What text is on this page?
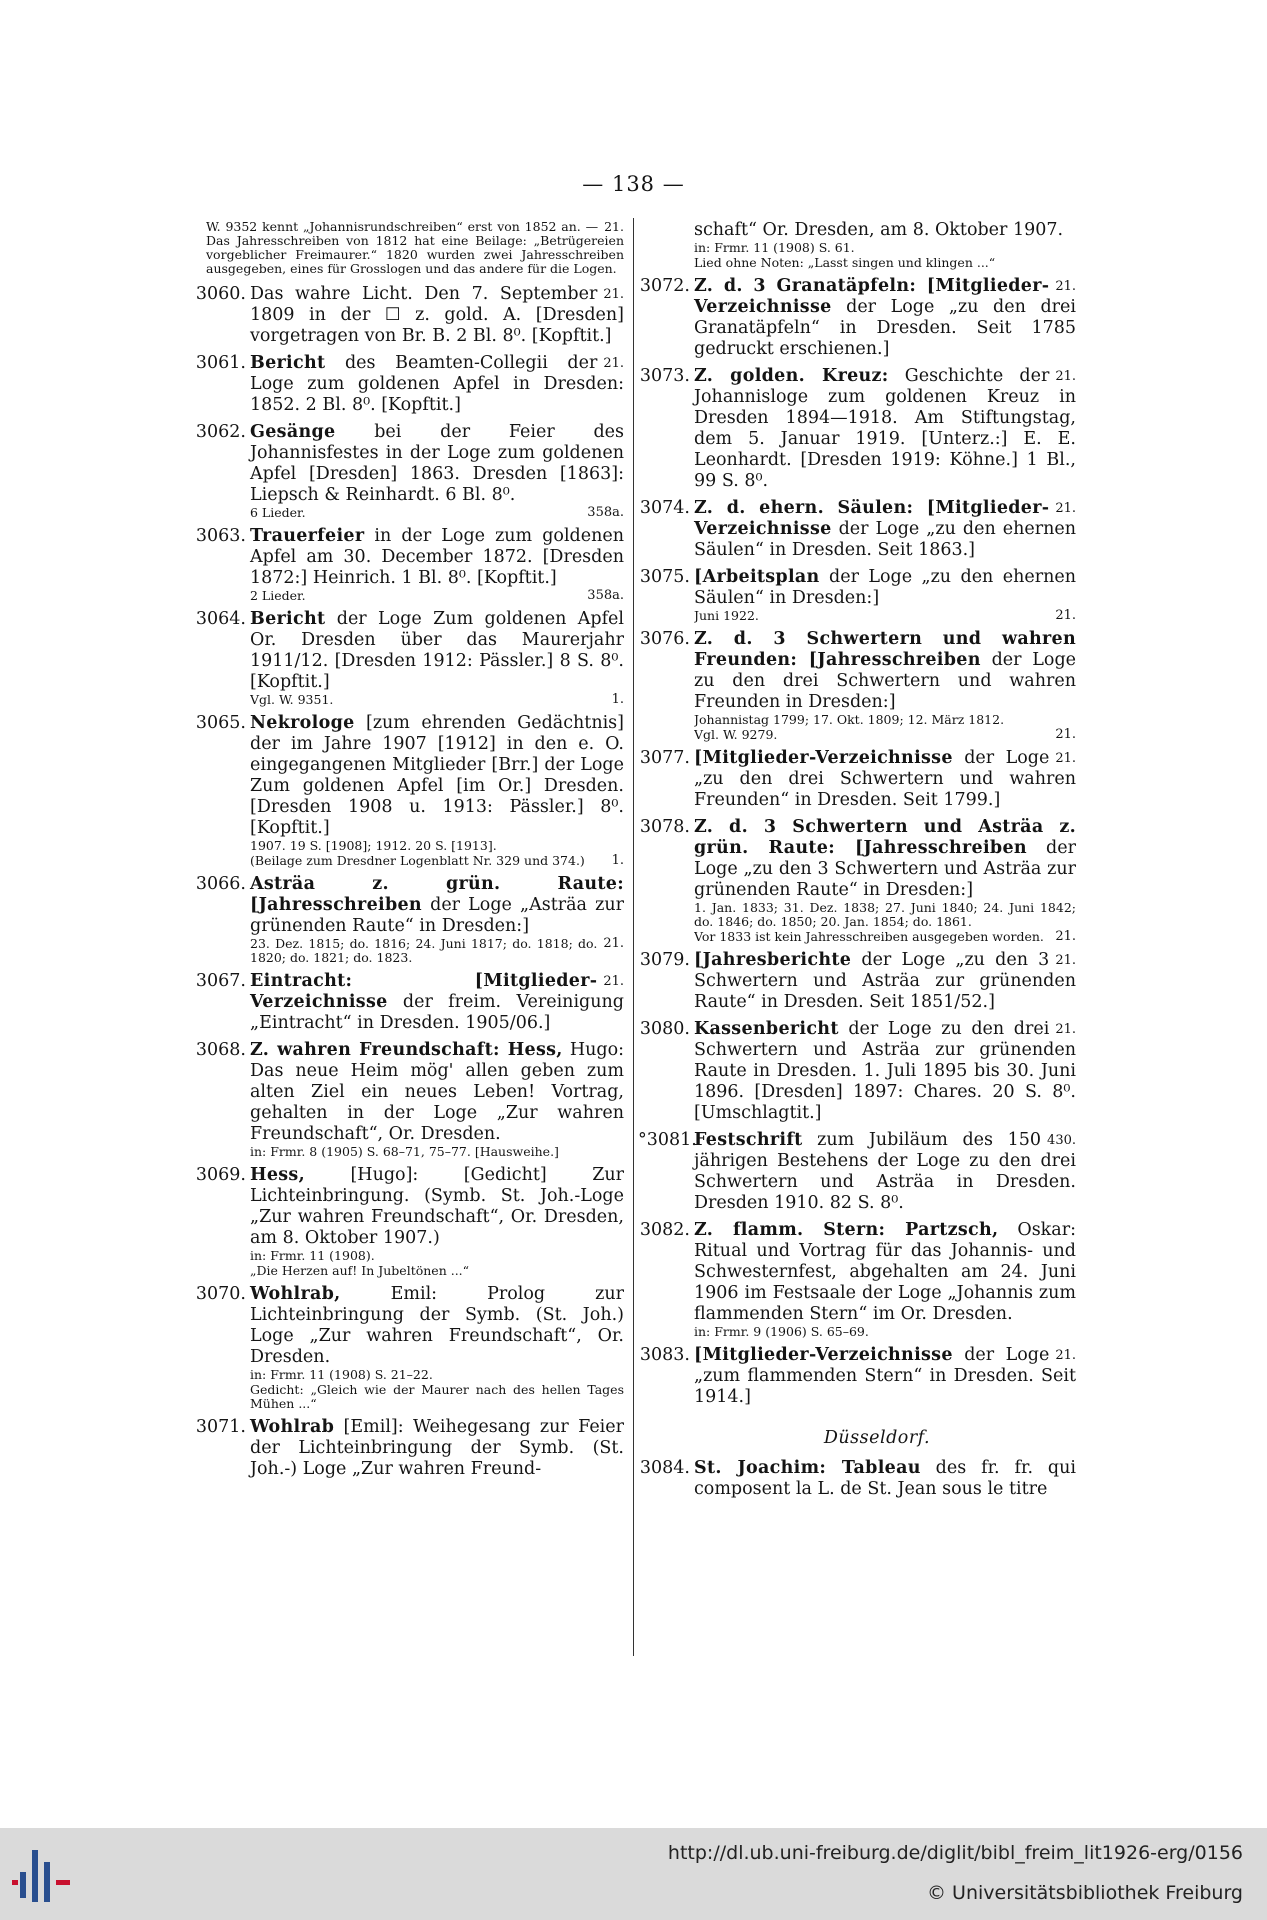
— 138 —
21.
W. 9352 kennt „Johannisrundschreiben“ erst von 1852 an. — Das Jahresschreiben von 1812 hat eine Beilage: „Betrügereien vorgeblicher Freimaurer.“ 1820 wurden zwei Jahresschreiben ausgegeben, eines für Grosslogen und das andere für die Logen.
3060.	21.
Das wahre Licht. Den 7. September 1809 in der ☐ z. gold. A. [Dresden] vorgetragen von Br. B. 2 Bl. 8⁰. [Kopftit.]
3061.	21.
Bericht des Beamten-Collegii der Loge zum goldenen Apfel in Dresden: 1852. 2 Bl. 8⁰. [Kopftit.]
3062. Gesänge bei der Feier des Johannisfestes in der Loge zum goldenen Apfel [Dresden] 1863. Dresden [1863]: Liepsch & Reinhardt. 6 Bl. 8⁰.
358a.
6 Lieder.
3063. Trauerfeier in der Loge zum goldenen Apfel am 30. December 1872. [Dresden 1872:] Heinrich. 1 Bl. 8⁰. [Kopftit.]
358a.
2 Lieder.
3064. Bericht der Loge Zum goldenen Apfel Or. Dresden über das Maurerjahr 1911/12. [Dresden 1912: Pässler.] 8 S. 8⁰. [Kopftit.]
1.
Vgl. W. 9351.
3065. Nekrologe [zum ehrenden Gedächtnis] der im Jahre 1907 [1912] in den e. O. eingegangenen Mitglieder [Brr.] der Loge Zum goldenen Apfel [im Or.] Dresden. [Dresden 1908 u. 1913: Pässler.] 8⁰. [Kopftit.]
1907. 19 S. [1908]; 1912. 20 S. [1913].
1.
(Beilage zum Dresdner Logenblatt Nr. 329 und 374.)
3066. Asträa z. grün. Raute: [Jahresschreiben der Loge „Asträa zur grünenden Raute“ in Dresden:]
21.
23. Dez. 1815; do. 1816; 24. Juni 1817; do. 1818; do. 1820; do. 1821; do. 1823.
3067.	21.
Eintracht: [Mitglieder-Verzeichnisse der freim. Vereinigung „Eintracht“ in Dresden. 1905/06.]
3068. Z. wahren Freundschaft: Hess, Hugo: Das neue Heim mög' allen geben zum alten Ziel ein neues Leben! Vortrag, gehalten in der Loge „Zur wahren Freundschaft“, Or. Dresden.
in: Frmr. 8 (1905) S. 68–71, 75–77. [Hausweihe.]
3069. Hess, [Hugo]: [Gedicht] Zur Lichteinbringung. (Symb. St. Joh.-Loge „Zur wahren Freundschaft“, Or. Dresden, am 8. Oktober 1907.)
in: Frmr. 11 (1908).
„Die Herzen auf! In Jubeltönen ...“
3070. Wohlrab, Emil: Prolog zur Lichteinbringung der Symb. (St. Joh.) Loge „Zur wahren Freundschaft“, Or. Dresden.
in: Frmr. 11 (1908) S. 21–22.
Gedicht: „Gleich wie der Maurer nach des hellen Tages Mühen ...“
3071. Wohlrab [Emil]: Weihegesang zur Feier der Lichteinbringung der Symb. (St. Joh.-) Loge „Zur wahren Freund-
schaft“ Or. Dresden, am 8. Oktober 1907.
in: Frmr. 11 (1908) S. 61.
Lied ohne Noten: „Lasst singen und klingen ...“
3072.	21.
Z. d. 3 Granatäpfeln: [Mitglieder-Verzeichnisse der Loge „zu den drei Granatäpfeln“ in Dresden. Seit 1785 gedruckt erschienen.]
3073.	21.
Z. golden. Kreuz: Geschichte der Johannisloge zum goldenen Kreuz in Dresden 1894—1918. Am Stiftungstag, dem 5. Januar 1919. [Unterz.:] E. E. Leonhardt. [Dresden 1919: Köhne.] 1 Bl., 99 S. 8⁰.
3074.	21.
Z. d. ehern. Säulen: [Mitglieder-Verzeichnisse der Loge „zu den ehernen Säulen“ in Dresden. Seit 1863.]
3075. [Arbeitsplan der Loge „zu den ehernen Säulen“ in Dresden:]
21.
Juni 1922.
3076. Z. d. 3 Schwertern und wahren Freunden: [Jahresschreiben der Loge zu den drei Schwertern und wahren Freunden in Dresden:]
Johannistag 1799; 17. Okt. 1809; 12. März 1812.
21.
Vgl. W. 9279.
3077.	21.
[Mitglieder-Verzeichnisse der Loge „zu den drei Schwertern und wahren Freunden“ in Dresden. Seit 1799.]
3078. Z. d. 3 Schwertern und Asträa z. grün. Raute: [Jahresschreiben der Loge „zu den 3 Schwertern und Asträa zur grünenden Raute“ in Dresden:]
1. Jan. 1833; 31. Dez. 1838; 27. Juni 1840; 24. Juni 1842; do. 1846; do. 1850; 20. Jan. 1854; do. 1861.
21.
Vor 1833 ist kein Jahresschreiben ausgegeben worden.
3079.	21.
[Jahresberichte der Loge „zu den 3 Schwertern und Asträa zur grünenden Raute“ in Dresden. Seit 1851/52.]
3080.	21.
Kassenbericht der Loge zu den drei Schwertern und Asträa zur grünenden Raute in Dresden. 1. Juli 1895 bis 30. Juni 1896. [Dresden] 1897: Chares. 20 S. 8⁰. [Umschlagtit.]
°3081.	430.
Festschrift zum Jubiläum des 150 jährigen Bestehens der Loge zu den drei Schwertern und Asträa in Dresden. Dresden 1910. 82 S. 8⁰.
3082. Z. flamm. Stern: Partzsch, Oskar: Ritual und Vortrag für das Johannis- und Schwesternfest, abgehalten am 24. Juni 1906 im Festsaale der Loge „Johannis zum flammenden Stern“ im Or. Dresden.
in: Frmr. 9 (1906) S. 65–69.
3083.	21.
[Mitglieder-Verzeichnisse der Loge „zum flammenden Stern“ in Dresden. Seit 1914.]
Düsseldorf.
3084. St. Joachim: Tableau des fr. fr. qui composent la L. de St. Jean sous le titre
http://dl.ub.uni-freiburg.de/diglit/bibl_freim_lit1926-erg/0156
© Universitätsbibliothek Freiburg
